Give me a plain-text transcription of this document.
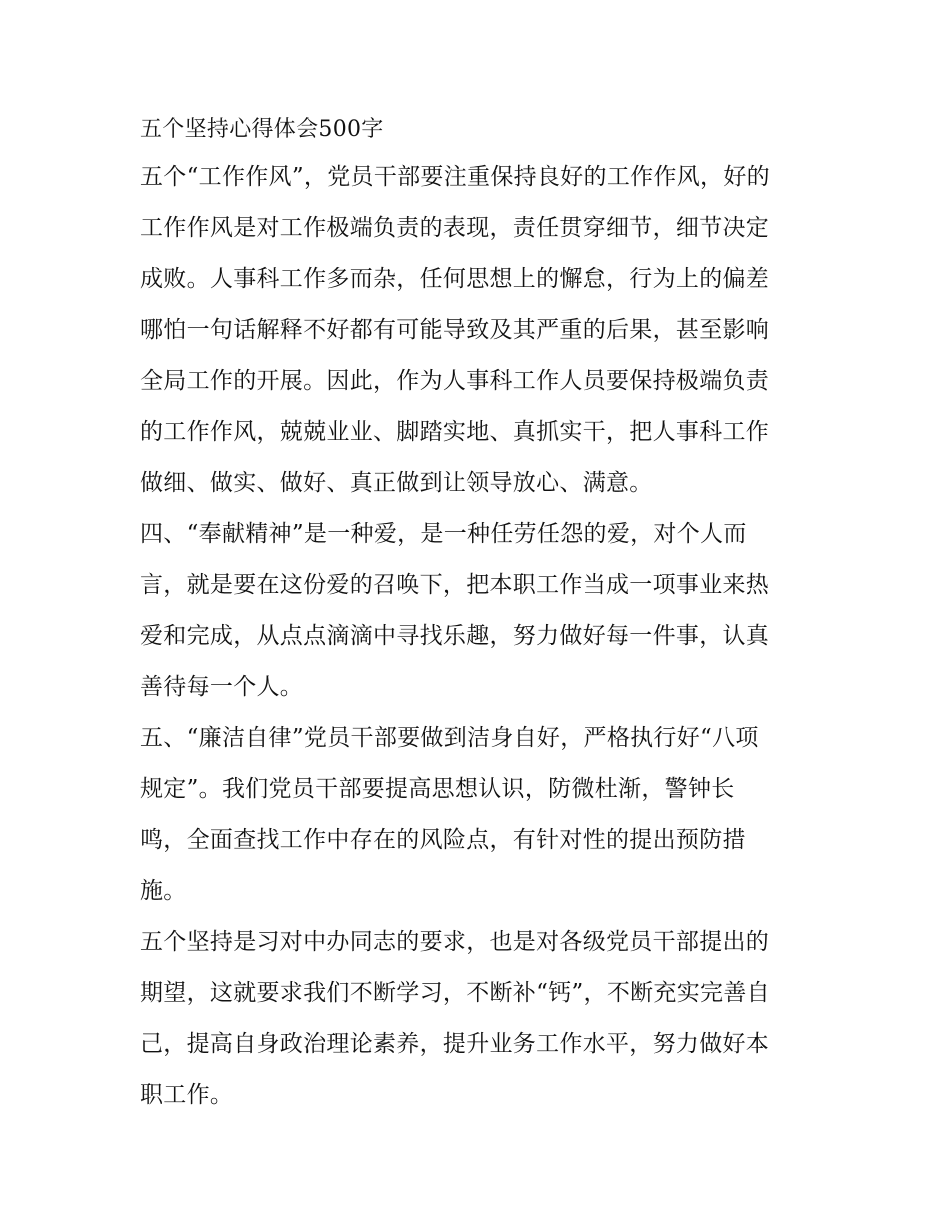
五个坚持心得体会500字
五个“工作作风”，党员干部要注重保持良好的工作作风，好的
工作作风是对工作极端负责的表现，责任贯穿细节，细节决定
成败。人事科工作多而杂，任何思想上的懈怠，行为上的偏差
哪怕一句话解释不好都有可能导致及其严重的后果，甚至影响
全局工作的开展。因此，作为人事科工作人员要保持极端负责
的工作作风，兢兢业业、脚踏实地、真抓实干，把人事科工作
做细、做实、做好、真正做到让领导放心、满意。
四、“奉献精神”是一种爱，是一种任劳任怨的爱，对个人而
言，就是要在这份爱的召唤下，把本职工作当成一项事业来热
爱和完成，从点点滴滴中寻找乐趣，努力做好每一件事，认真
善待每一个人。
五、“廉洁自律”党员干部要做到洁身自好，严格执行好“八项
规定”。我们党员干部要提高思想认识，防微杜渐，警钟长
鸣，全面查找工作中存在的风险点，有针对性的提出预防措
施。
五个坚持是习对中办同志的要求，也是对各级党员干部提出的
期望，这就要求我们不断学习，不断补“钙”，不断充实完善自
己，提高自身政治理论素养，提升业务工作水平，努力做好本
职工作。
